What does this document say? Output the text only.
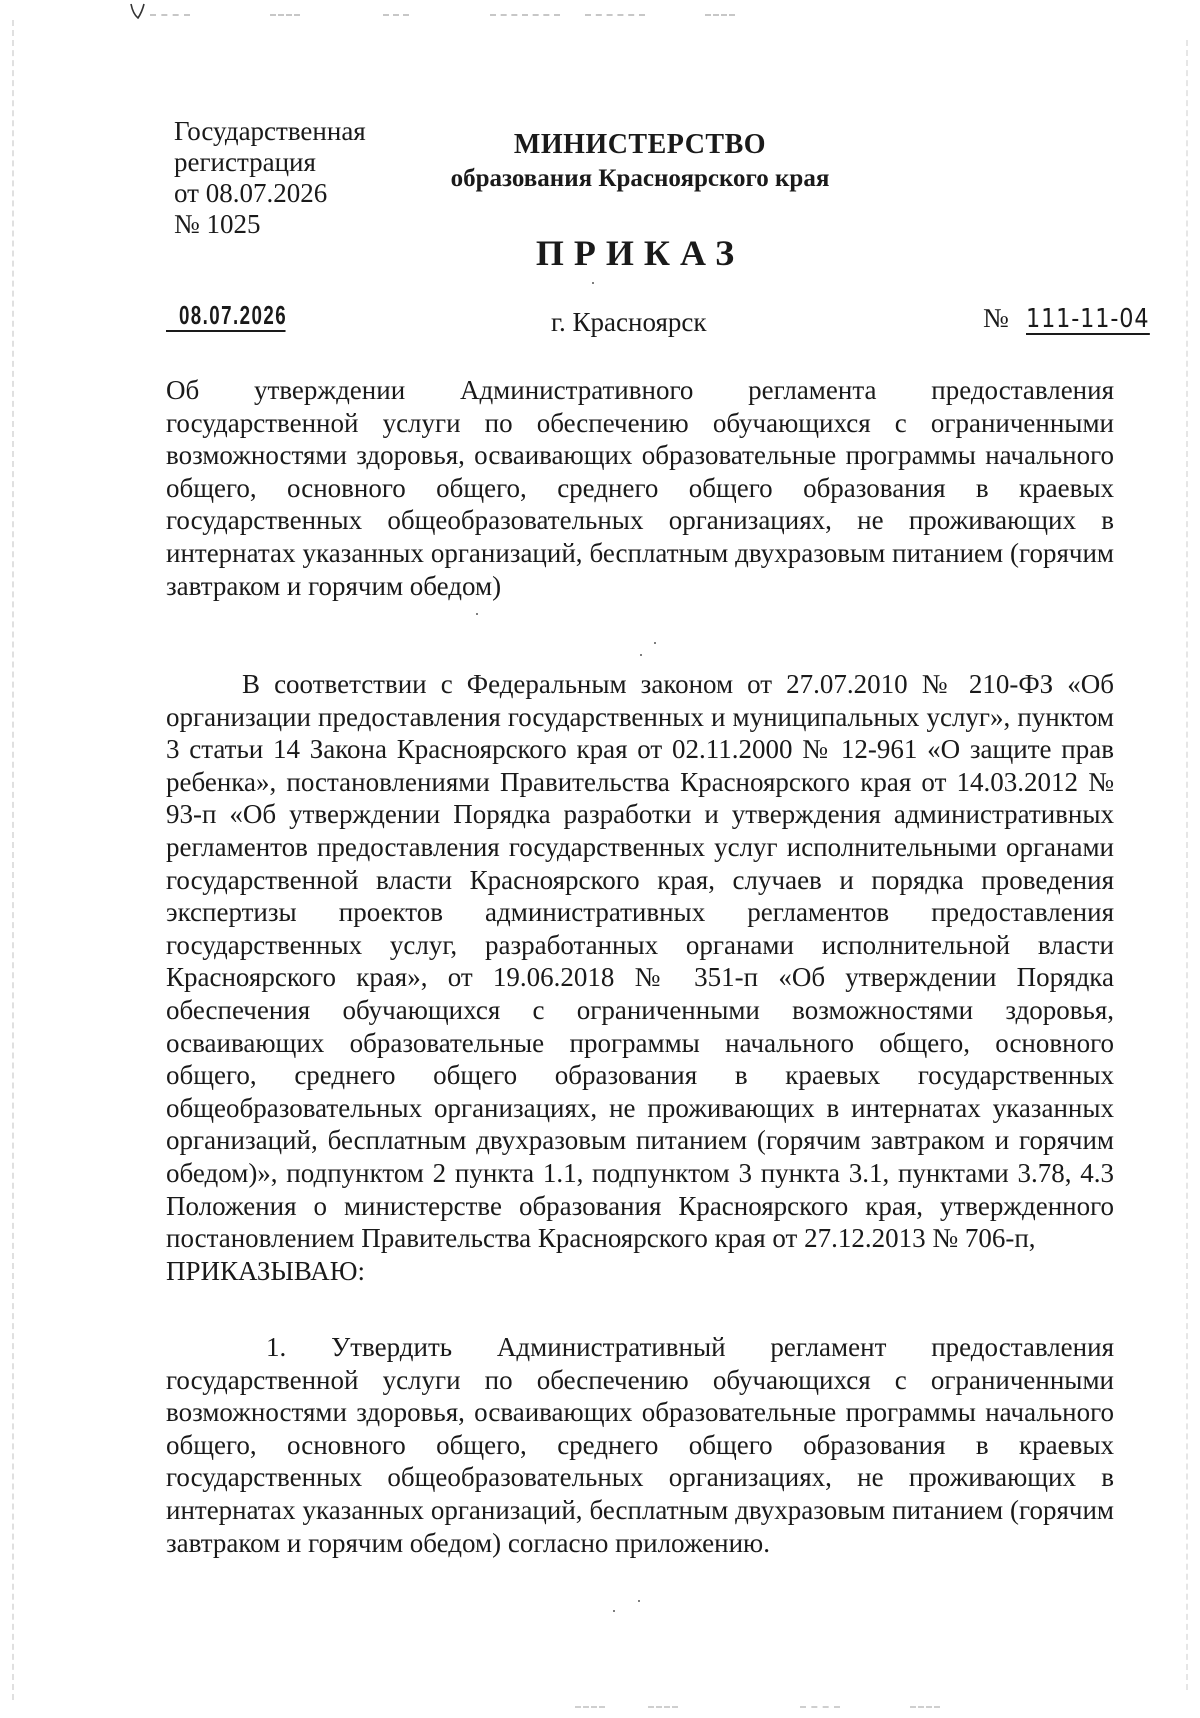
Государственная
регистрация
от 08.07.2026
№ 1025
МИНИСТЕРСТВО
образования Красноярского края
ПРИКАЗ
08.07.2026	г. Красноярск	№ 111-11-04
Об утверждении Административного регламента предоставления государственной услуги по обеспечению обучающихся с ограниченными возможностями здоровья, осваивающих образовательные программы начального общего, основного общего, среднего общего образования в краевых государственных общеобразовательных организациях, не проживающих в интернатах указанных организаций, бесплатным двухразовым питанием (горячим завтраком и горячим обедом)
В соответствии с Федеральным законом от 27.07.2010 № 210-ФЗ «Об организации предоставления государственных и муниципальных услуг», пунктом 3 статьи 14 Закона Красноярского края от 02.11.2000 № 12-961 «О защите прав ребенка», постановлениями Правительства Красноярского края от 14.03.2012 № 93-п «Об утверждении Порядка разработки и утверждения административных регламентов предоставления государственных услуг исполнительными органами государственной власти Красноярского края, случаев и порядка проведения экспертизы проектов административных регламентов предоставления государственных услуг, разработанных органами исполнительной власти Красноярского края», от 19.06.2018 № 351-п «Об утверждении Порядка обеспечения обучающихся с ограниченными возможностями здоровья, осваивающих образовательные программы начального общего, основного общего, среднего общего образования в краевых государственных общеобразовательных организациях, не проживающих в интернатах указанных организаций, бесплатным двухразовым питанием (горячим завтраком и горячим обедом)», подпунктом 2 пункта 1.1, подпунктом 3 пункта 3.1, пунктами 3.78, 4.3 Положения о министерстве образования Красноярского края, утвержденного постановлением Правительства Красноярского края от 27.12.2013 № 706-п,
ПРИКАЗЫВАЮ:
1. Утвердить Административный регламент предоставления государственной услуги по обеспечению обучающихся с ограниченными возможностями здоровья, осваивающих образовательные программы начального общего, основного общего, среднего общего образования в краевых государственных общеобразовательных организациях, не проживающих в интернатах указанных организаций, бесплатным двухразовым питанием (горячим завтраком и горячим обедом) согласно приложению.
